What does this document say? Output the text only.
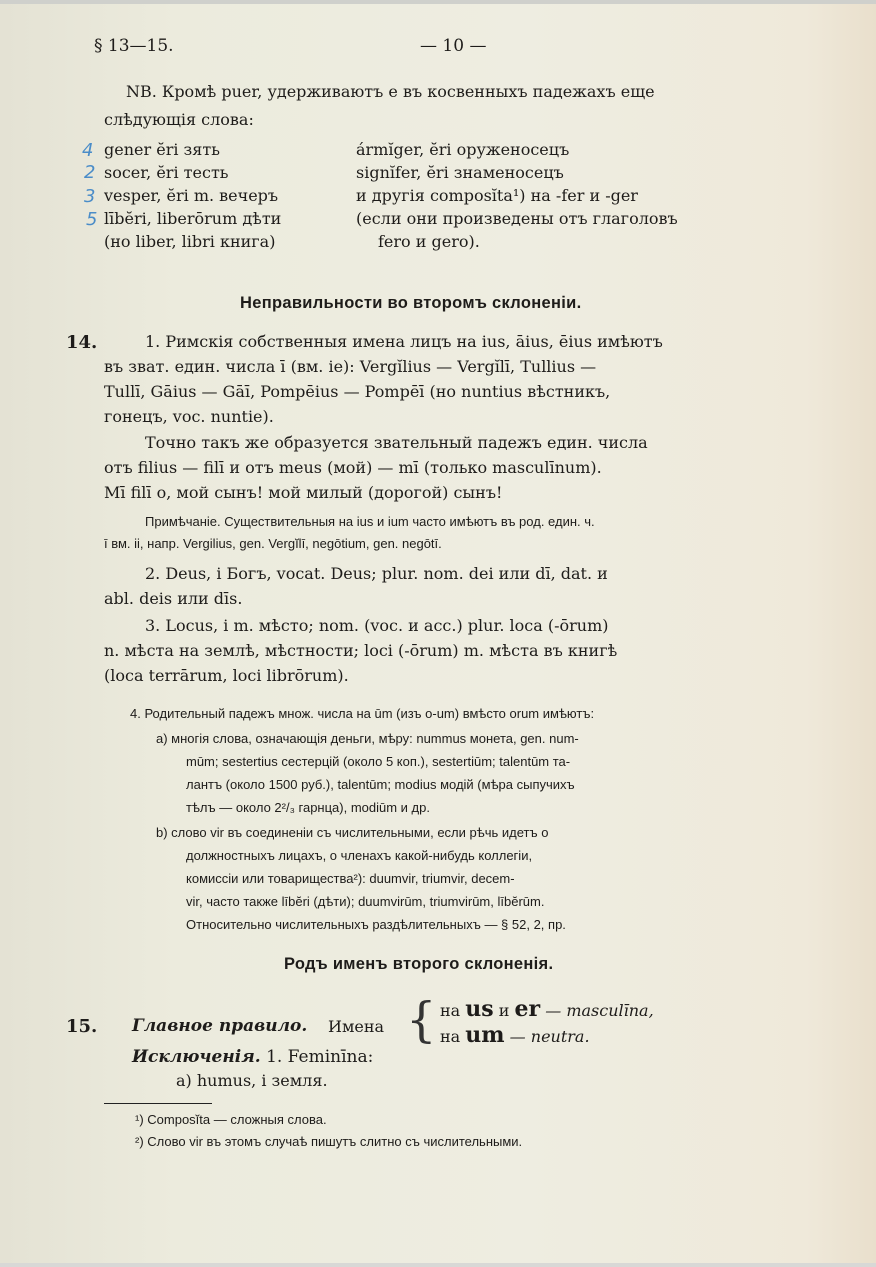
§ 13—15.	— 10 —
NB. Кромѣ puer, удерживаютъ e въ косвенныхъ падежахъ еще
слѣдующія слова:
4 gener ĕri зять
2 socer, ĕri тесть
3 vesper, ĕri m. вечеръ
5 lībĕri, liberōrum дѣти
(но liber, libri книга)
ármĭger, ĕri оруженосецъ
signĭfer, ĕri знаменосецъ
и другія composĭta¹) на -fer и -ger
(если они произведены отъ глаголовъ
fero и gero).
Неправильности во второмъ склоненіи.
14.	1. Римскія собственныя имена лицъ на ius, āius, ēius имѣютъ
въ зват. един. числа ī (вм. ie): Vergĭlius — Vergĭlī, Tullius —
Tullī, Gāius — Gāī, Pompēius — Pompēī (но nuntius вѣстникъ,
гонецъ, voc. nuntie).
Точно такъ же образуется звательный падежъ един. числа
отъ filius — filī и отъ meus (мой) — mī (только masculīnum).
Mī filī o, мой сынъ! мой милый (дорогой) сынъ!
Примѣчаніе. Существительныя на ius и ium часто имѣютъ въ род. един. ч.
ī вм. ii, напр. Vergilius, gen. Vergĭlī, negōtium, gen. negōtī.
2. Deus, i Богъ, vocat. Deus; plur. nom. dei или dī, dat. и
abl. deis или dīs.
3. Locus, i m. мѣсто; nom. (voc. и acc.) plur. loca (-ōrum)
n. мѣста на землѣ, мѣстности; loci (-ōrum) m. мѣста въ книгѣ
(loca terrārum, loci librōrum).
4. Родительный падежъ множ. числа на ūm (изъ o-um) вмѣсто orum имѣютъ:
a) многія слова, означающія деньги, мѣру: nummus монета, gen. num-
mūm; sestertius сестерцій (около 5 коп.), sestertiūm; talentūm та-
лантъ (около 1500 руб.), talentūm; modius модій (мѣра сыпучихъ
тѣлъ — около 2²/₃ гарнца), modiūm и др.
b) слово vir въ соединеніи съ числительными, если рѣчь идетъ о
должностныхъ лицахъ, о членахъ какой-нибудь коллегіи,
комиссіи или товарищества²): duumvir, triumvir, decem-
vir, часто также lībĕri (дѣти); duumvirūm, triumvirūm, lībĕrūm.
Относительно числительныхъ раздѣлительныхъ — § 52, 2, пр.
Родъ именъ второго склоненія.
15. Главное правило. Имена { на us и er — masculīna,
на um — neutra.
Исключенія. 1. Feminīna:
a) humus, i земля.
¹) Composĭta — сложныя слова.
²) Слово vir въ этомъ случаѣ пишутъ слитно съ числительными.
